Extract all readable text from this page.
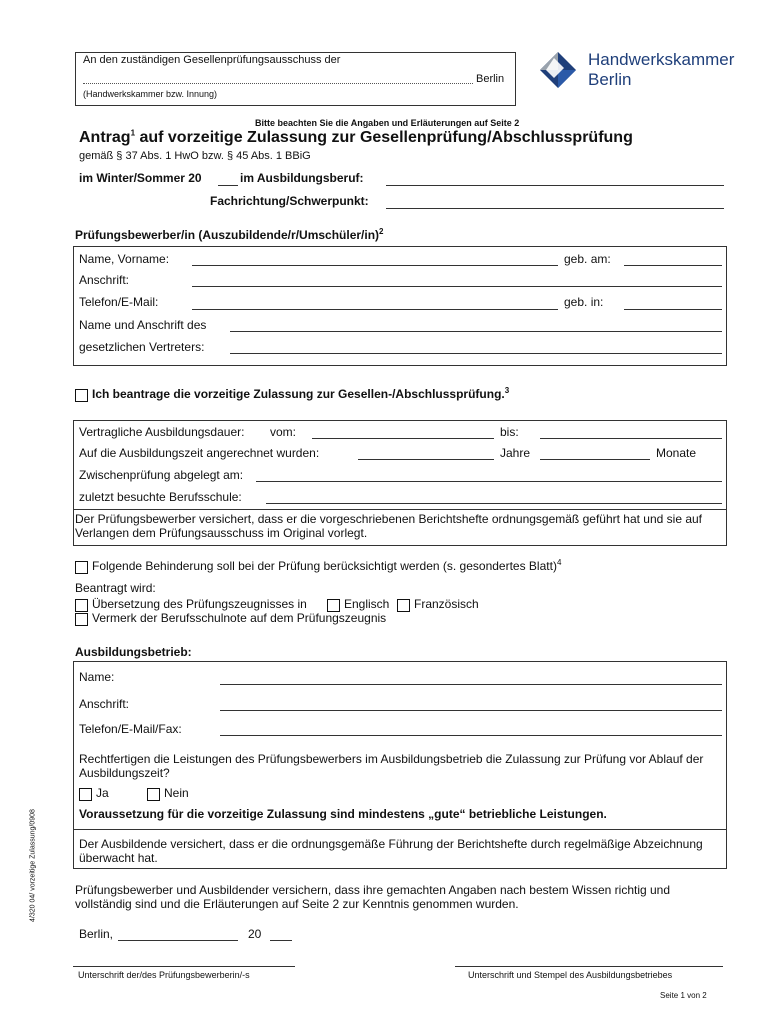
An den zuständigen Gesellenprüfungsausschuss der
Berlin
(Handwerkskammer bzw. Innung)
Handwerkskammer
Berlin
Bitte beachten Sie die Angaben und Erläuterungen auf Seite 2
Antrag$^1$ auf vorzeitige Zulassung zur Gesellenprüfung/Abschlussprüfung
gemäß § 37 Abs. 1 HwO bzw. § 45 Abs. 1 BBiG
im Winter/Sommer 20	im Ausbildungsberuf:
Fachrichtung/Schwerpunkt:
Prüfungsbewerber/in (Auszubildende/r/Umschüler/in)$^2$
Name, Vorname:	geb. am:
Anschrift:
Telefon/E-Mail:	geb. in:
Name und Anschrift des
gesetzlichen Vertreters:
Ich beantrage die vorzeitige Zulassung zur Gesellen-/Abschlussprüfung.$^3$
Vertragliche Ausbildungsdauer: vom:	bis:
Auf die Ausbildungszeit angerechnet wurden:	Jahre	Monate
Zwischenprüfung abgelegt am:
zuletzt besuchte Berufsschule:
Der Prüfungsbewerber versichert, dass er die vorgeschriebenen Berichtshefte ordnungsgemäß geführt hat und sie auf Verlangen dem Prüfungsausschuss im Original vorlegt.
Folgende Behinderung soll bei der Prüfung berücksichtigt werden (s. gesondertes Blatt)$^4$
Beantragt wird:
Übersetzung des Prüfungszeugnisses in	Englisch Französisch
Vermerk der Berufsschulnote auf dem Prüfungszeugnis
Ausbildungsbetrieb:
Name:
Anschrift:
Telefon/E-Mail/Fax:
Rechtfertigen die Leistungen des Prüfungsbewerbers im Ausbildungsbetrieb die Zulassung zur Prüfung vor Ablauf der Ausbildungszeit?
Ja	Nein
Voraussetzung für die vorzeitige Zulassung sind mindestens „gute“ betriebliche Leistungen.
Der Ausbildende versichert, dass er die ordnungsgemäße Führung der Berichtshefte durch regelmäßige Abzeichnung überwacht hat.
Prüfungsbewerber und Ausbildender versichern, dass ihre gemachten Angaben nach bestem Wissen richtig und vollständig sind und die Erläuterungen auf Seite 2 zur Kenntnis genommen wurden.
Berlin,	20
Unterschrift der/des Prüfungsbewerberin/-s	Unterschrift und Stempel des Ausbildungsbetriebes
Seite 1 von 2
4/320 04/ vorzeitige Zulassung/0908
